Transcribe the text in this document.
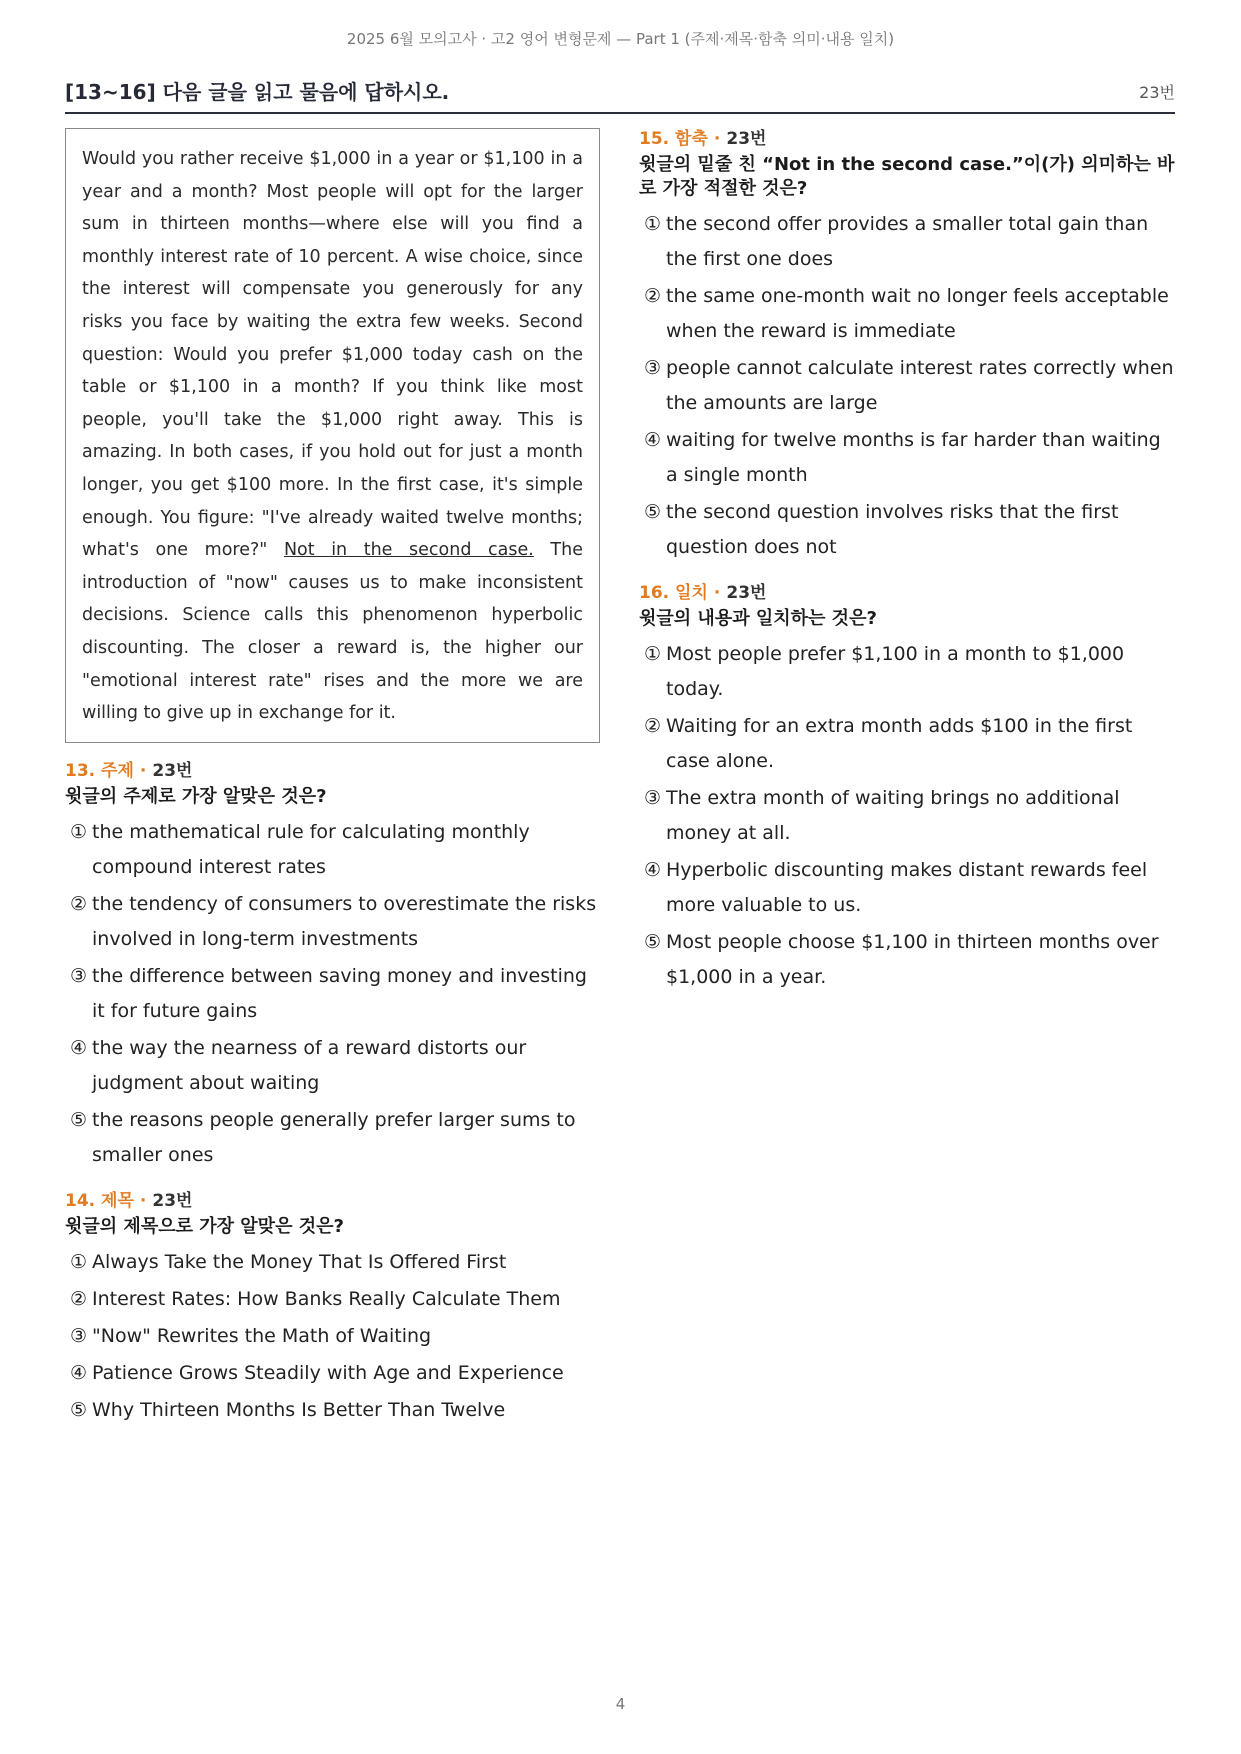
2025 6월 모의고사 · 고2 영어 변형문제 — Part 1 (주제·제목·함축 의미·내용 일치)
[13~16] 다음 글을 읽고 물음에 답하시오.	23번
Would you rather receive $1,000 in a year or $1,100 in a year and a month? Most people will opt for the larger sum in thirteen months—where else will you find a monthly interest rate of 10 percent. A wise choice, since the interest will compensate you generously for any risks you face by waiting the extra few weeks. Second question: Would you prefer $1,000 today cash on the table or $1,100 in a month? If you think like most people, you'll take the $1,000 right away. This is amazing. In both cases, if you hold out for just a month longer, you get $100 more. In the first case, it's simple enough. You figure: "I've already waited twelve months; what's one more?" Not in the second case. The introduction of "now" causes us to make inconsistent decisions. Science calls this phenomenon hyperbolic discounting. The closer a reward is, the higher our "emotional interest rate" rises and the more we are willing to give up in exchange for it.
13. 주제 · 23번
윗글의 주제로 가장 알맞은 것은?
① the mathematical rule for calculating monthly compound interest rates
② the tendency of consumers to overestimate the risks involved in long-term investments
③ the difference between saving money and investing it for future gains
④ the way the nearness of a reward distorts our judgment about waiting
⑤ the reasons people generally prefer larger sums to smaller ones
14. 제목 · 23번
윗글의 제목으로 가장 알맞은 것은?
① Always Take the Money That Is Offered First
② Interest Rates: How Banks Really Calculate Them
③ "Now" Rewrites the Math of Waiting
④ Patience Grows Steadily with Age and Experience
⑤ Why Thirteen Months Is Better Than Twelve
15. 함축 · 23번
윗글의 밑줄 친 “Not in the second case.”이(가) 의미하는 바로 가장 적절한 것은?
① the second offer provides a smaller total gain than the first one does
② the same one-month wait no longer feels acceptable when the reward is immediate
③ people cannot calculate interest rates correctly when the amounts are large
④ waiting for twelve months is far harder than waiting a single month
⑤ the second question involves risks that the first question does not
16. 일치 · 23번
윗글의 내용과 일치하는 것은?
① Most people prefer $1,100 in a month to $1,000 today.
② Waiting for an extra month adds $100 in the first case alone.
③ The extra month of waiting brings no additional money at all.
④ Hyperbolic discounting makes distant rewards feel more valuable to us.
⑤ Most people choose $1,100 in thirteen months over $1,000 in a year.
4
